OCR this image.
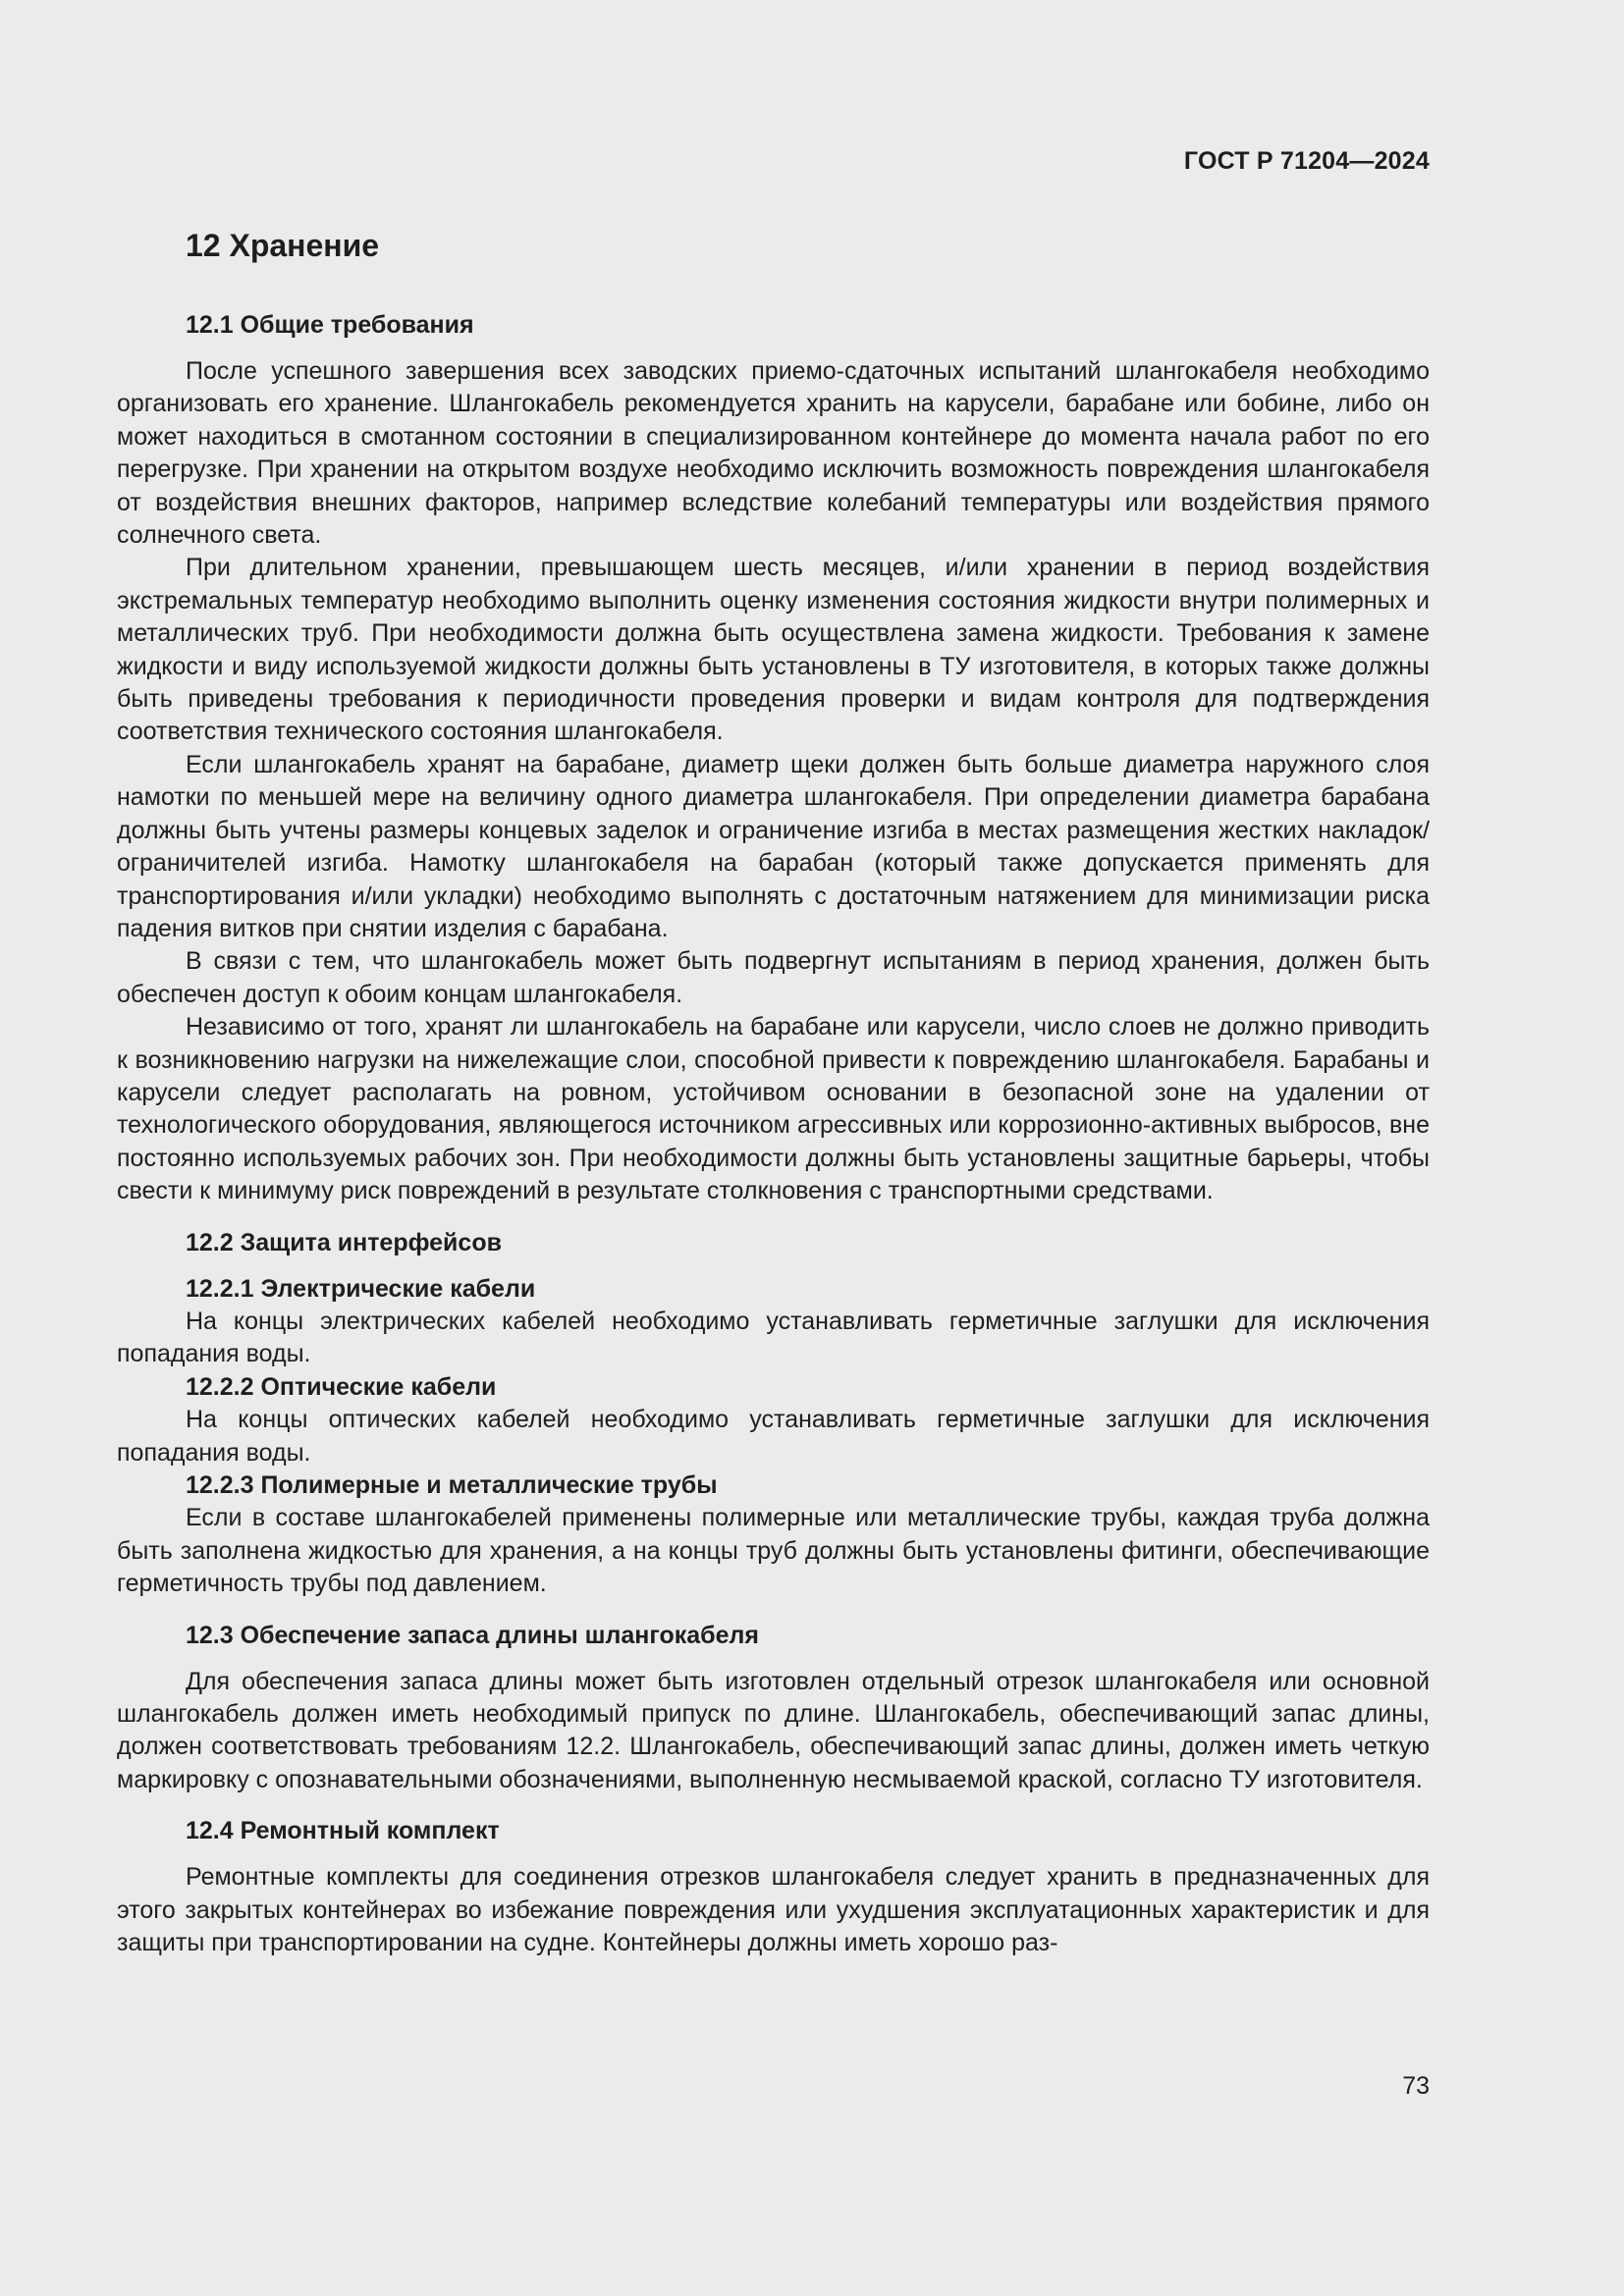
ГОСТ Р 71204—2024
12 Хранение
12.1 Общие требования

После успешного завершения всех заводских приемо-сдаточных испытаний шлангокабеля необходимо организовать его хранение. Шлангокабель рекомендуется хранить на карусели, барабане или бобине, либо он может находиться в смотанном состоянии в специализированном контейнере до момента начала работ по его перегрузке. При хранении на открытом воздухе необходимо исключить возможность повреждения шлангокабеля от воздействия внешних факторов, например вследствие колебаний температуры или воздействия прямого солнечного света.

При длительном хранении, превышающем шесть месяцев, и/или хранении в период воздействия экстремальных температур необходимо выполнить оценку изменения состояния жидкости внутри полимерных и металлических труб. При необходимости должна быть осуществлена замена жидкости. Требования к замене жидкости и виду используемой жидкости должны быть установлены в ТУ изготовителя, в которых также должны быть приведены требования к периодичности проведения проверки и видам контроля для подтверждения соответствия технического состояния шлангокабеля.

Если шлангокабель хранят на барабане, диаметр щеки должен быть больше диаметра наружного слоя намотки по меньшей мере на величину одного диаметра шлангокабеля. При определении диаметра барабана должны быть учтены размеры концевых заделок и ограничение изгиба в местах размещения жестких накладок/ограничителей изгиба. Намотку шлангокабеля на барабан (который также допускается применять для транспортирования и/или укладки) необходимо выполнять с достаточным натяжением для минимизации риска падения витков при снятии изделия с барабана.

В связи с тем, что шлангокабель может быть подвергнут испытаниям в период хранения, должен быть обеспечен доступ к обоим концам шлангокабеля.

Независимо от того, хранят ли шлангокабель на барабане или карусели, число слоев не должно приводить к возникновению нагрузки на нижележащие слои, способной привести к повреждению шлангокабеля. Барабаны и карусели следует располагать на ровном, устойчивом основании в безопасной зоне на удалении от технологического оборудования, являющегося источником агрессивных или коррозионно-активных выбросов, вне постоянно используемых рабочих зон. При необходимости должны быть установлены защитные барьеры, чтобы свести к минимуму риск повреждений в результате столкновения с транспортными средствами.

12.2 Защита интерфейсов
12.2.1 Электрические кабели

На концы электрических кабелей необходимо устанавливать герметичные заглушки для исключения попадания воды.

12.2.2 Оптические кабели

На концы оптических кабелей необходимо устанавливать герметичные заглушки для исключения попадания воды.

12.2.3 Полимерные и металлические трубы

Если в составе шлангокабелей применены полимерные или металлические трубы, каждая труба должна быть заполнена жидкостью для хранения, а на концы труб должны быть установлены фитинги, обеспечивающие герметичность трубы под давлением.

12.3 Обеспечение запаса длины шлангокабеля

Для обеспечения запаса длины может быть изготовлен отдельный отрезок шлангокабеля или основной шлангокабель должен иметь необходимый припуск по длине. Шлангокабель, обеспечивающий запас длины, должен соответствовать требованиям 12.2. Шлангокабель, обеспечивающий запас длины, должен иметь четкую маркировку с опознавательными обозначениями, выполненную несмываемой краской, согласно ТУ изготовителя.

12.4 Ремонтный комплект

Ремонтные комплекты для соединения отрезков шлангокабеля следует хранить в предназначенных для этого закрытых контейнерах во избежание повреждения или ухудшения эксплуатационных характеристик и для защиты при транспортировании на судне. Контейнеры должны иметь хорошо раз-

73
